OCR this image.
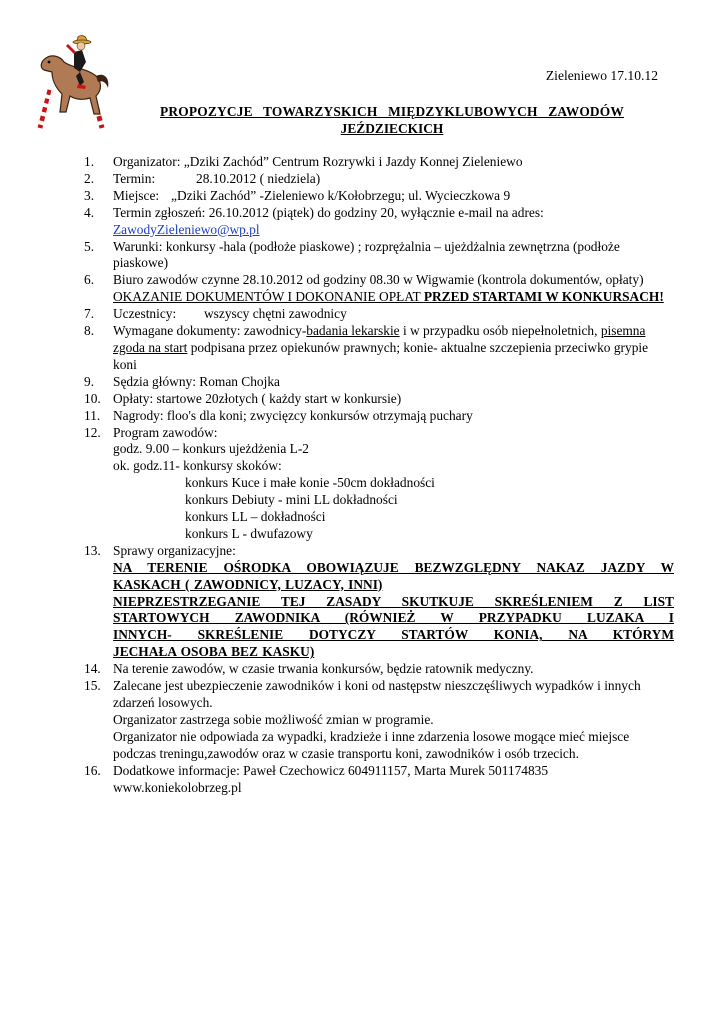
Zieleniewo 17.10.12
PROPOZYCJE TOWARZYSKICH MIĘDZYKLUBOWYCH ZAWODÓW
JEŹDZIECKICH
1.	Organizator: „Dziki Zachód” Centrum Rozrywki i Jazdy Konnej Zieleniewo
2.	Termin:	28.10.2012 ( niedziela)
3.	Miejsce: „Dziki Zachód” -Zieleniewo k/Kołobrzegu; ul. Wycieczkowa 9
4.	Termin zgłoszeń: 26.10.2012 (piątek) do godziny 20, wyłącznie e-mail na adres:
ZawodyZieleniewo@wp.pl
5.	Warunki: konkursy -hala (podłoże piaskowe) ; rozprężalnia – ujeżdżalnia zewnętrzna (podłoże piaskowe)
6.	Biuro zawodów czynne 28.10.2012 od godziny 08.30 w Wigwamie (kontrola dokumentów, opłaty)
OKAZANIE DOKUMENTÓW I DOKONANIE OPŁAT PRZED STARTAMI W KONKURSACH!
7.	Uczestnicy: wszyscy chętni zawodnicy
8.	Wymagane dokumenty: zawodnicy-badania lekarskie i w przypadku osób niepełnoletnich, pisemna zgoda na start podpisana przez opiekunów prawnych; konie- aktualne szczepienia przeciwko grypie koni
9.	Sędzia główny: Roman Chojka
10. Opłaty: startowe 20złotych ( każdy start w konkursie)
11. Nagrody: floo's dla koni; zwycięzcy konkursów otrzymają puchary
12. Program zawodów:
godz. 9.00 – konkurs ujeżdżenia L-2
ok. godz.11- konkursy skoków:
konkurs Kuce i małe konie -50cm dokładności
konkurs Debiuty - mini LL dokładności
konkurs LL – dokładności
konkurs L - dwufazowy
13. Sprawy organizacyjne:
NA TERENIE OŚRODKA OBOWIĄZUJE BEZWZGLĘDNY NAKAZ JAZDY W
KASKACH ( ZAWODNICY, LUZACY, INNI)
NIEPRZESTRZEGANIE TEJ ZASADY SKUTKUJE SKREŚLENIEM Z LIST
STARTOWYCH ZAWODNIKA (RÓWNIEŻ W PRZYPADKU LUZAKA I
INNYCH- SKREŚLENIE DOTYCZY STARTÓW KONIA, NA KTÓRYM
JECHAŁA OSOBA BEZ KASKU)
14. Na terenie zawodów, w czasie trwania konkursów, będzie ratownik medyczny.
15. Zalecane jest ubezpieczenie zawodników i koni od następstw nieszczęśliwych wypadków i innych zdarzeń losowych.
Organizator zastrzega sobie możliwość zmian w programie.
Organizator nie odpowiada za wypadki, kradzieże i inne zdarzenia losowe mogące mieć miejsce podczas treningu,zawodów oraz w czasie transportu koni, zawodników i osób trzecich.
16. Dodatkowe informacje: Paweł Czechowicz 604911157, Marta Murek 501174835
www.koniekolobrzeg.pl
